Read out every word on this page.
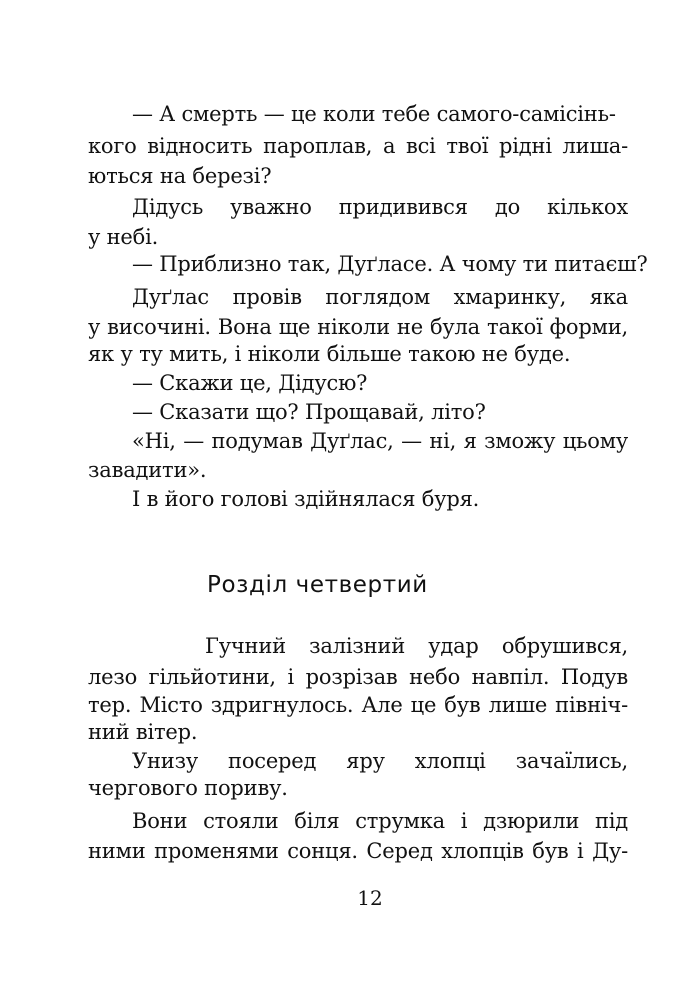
— А смерть — це коли тебе самого-самісінь-

кого відносить пароплав, а всі твої рідні лиша-

ються на березі?

Дідусь уважно придивився до кількох

у небі.

— Приблизно так, Дуґласе. А чому ти питаєш?

Дуґлас провів поглядом хмаринку, яка

у височині. Вона ще ніколи не була такої форми,

як у ту мить, і ніколи більше такою не буде.

— Скажи це, Дідусю?

— Сказати що? Прощавай, літо?

«Ні, — подумав Дуґлас, — ні, я зможу цьому

завадити».

І в його голові здійнялася буря.

Розділ четвертий

Гучний залізний удар обрушився,

лезо гільйотини, і розрізав небо навпіл. Подув

тер. Місто здригнулось. Але це був лише північ-

ний вітер.

Унизу посеред яру хлопці зачаїлись,

чергового пориву.

Вони стояли біля струмка і дзюрили під

ними променями сонця. Серед хлопців був і Ду-

12
